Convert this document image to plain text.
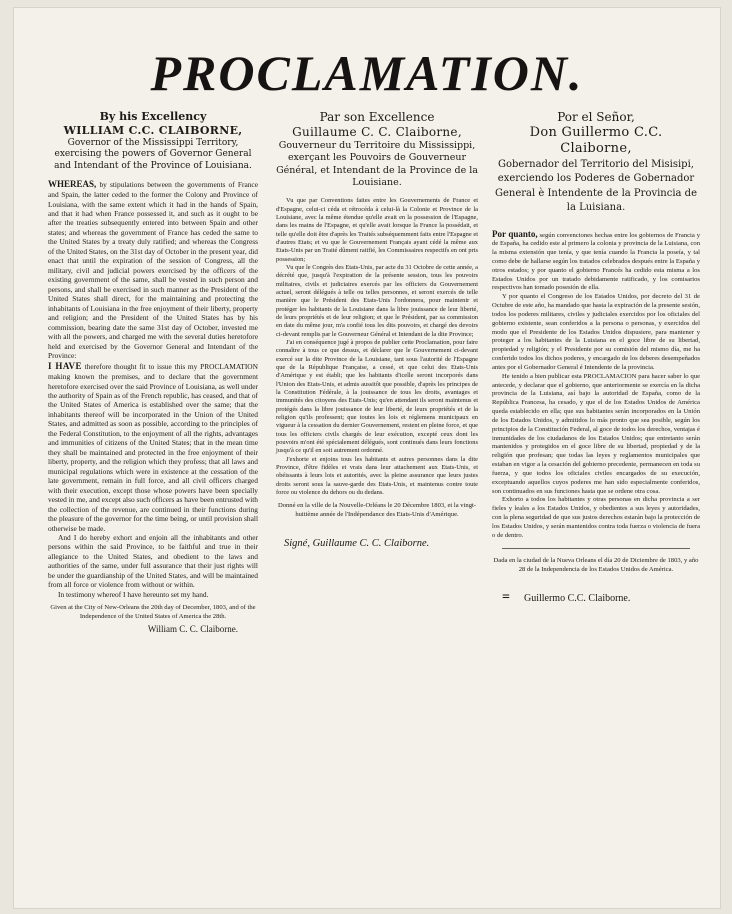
PROCLAMATION.
By his Excellency
WILLIAM C.C. CLAIBORNE,
Governor of the Mississippi Territory, exercising the powers of Governor General and Intendant of the Province of Louisiana.

WHEREAS, by stipulations between the governments of France and Spain, the latter ceded to the former the Colony and Province of Louisiana, with the same extent which it had in the hands of Spain, and that it had when France possessed it, and such as it ought to be after the treaties subsequently entered into between Spain and other states; and whereas the government of France has ceded the same to the United States by a treaty duly ratified; and whereas the Congress of the United States, on the 31st day of October in the present year, did enact that until the expiration of the session of Congress, all the military, civil and judicial powers exercised by the officers of the existing government of the same, shall be vested in such person and persons, and shall be exercised in such manner as the President of the United States shall direct, for the maintaining and protecting the inhabitants of Louisiana in the free enjoyment of their liberty, property and religion; and the President of the United States has by his commission, bearing date the same 31st day of October, invested me with all the powers, and charged me with the several duties heretofore held and exercised by the Governor General and Intendant of the Province:

I HAVE therefore thought fit to issue this my PROCLAMATION making known the premises, and to declare that the government heretofore exercised over the said Province of Louisiana, as well under the authority of Spain as of the French republic, has ceased, and that of the United States of America is established over the same; that the inhabitants thereof will be incorporated in the Union of the United States, and admitted as soon as possible, according to the principles of the Federal Constitution, to the enjoyment of all the rights, advantages and immunities of citizens of the United States; that in the mean time they shall be maintained and protected in the free enjoyment of their liberty, property, and the religion which they profess; that all laws and municipal regulations which were in existence at the cessation of the late government, remain in full force, and all civil officers charged with their execution, except those whose powers have been specially vested in me, and except also such officers as have been entrusted with the collection of the revenue, are continued in their functions during the pleasure of the governor for the time being, or until provision shall otherwise be made.

And I do hereby exhort and enjoin all the inhabitants and other persons within the said Province, to be faithful and true in their allegiance to the United States, and obedient to the laws and authorities of the same, under full assurance that their just rights will be under the guardianship of the United States, and will be maintained from all force or violence from without or within.

In testimony whereof I have hereunto set my hand.

Given at the City of New-Orleans the 20th day of December, 1803, and of the Independence of the United States of America the 28th.
William C. C. Claiborne.
Par son Excellence
Guillaume C. C. Claiborne,
Gouverneur du Territoire du Mississippi, exerçant les Pouvoirs de Gouverneur Général, et Intendant de la Province de la Louisiane.

Vu que par Conventions faites entre les Gouvernements de France et d'Espagne, celui-ci céda et rétrocéda à celui-là la Colonie et Province de la Louisiane, avec la même étendue qu'elle avait en la possession de l'Espagne, dans les mains de l'Espagne, et qu'elle avait lorsque la France la possédait, et telle qu'elle doit être d'après les Traités subséquemment faits entre l'Espagne et d'autres Etats; et vu que le Gouvernement Français ayant cédé la même aux Etats-Unis par un Traité dûment ratifié, les Commissaires respectifs en ont pris possession;

Vu que le Congrès des Etats-Unis, par acte du 31 Octobre de cette année, a décrété que, jusqu'à l'expiration de la présente session, tous les pouvoirs militaires, civils et judiciaires exercés par les officiers du Gouvernement actuel, seront délégués à telle ou telles personnes, et seront exercés de telle manière que le Président des Etats-Unis l'ordonnera, pour maintenir et protéger les habitants de la Louisiane dans la libre jouissance de leur liberté, de leurs propriétés et de leur religion; et que le Président, par sa commission en date du même jour, m'a confié tous les dits pouvoirs, et chargé des devoirs ci-devant remplis par le Gouverneur Général et Intendant de la dite Province;

J'ai en conséquence jugé à propos de publier cette Proclamation, pour faire connaître à tous ce que dessus, et déclarer que le Gouvernement ci-devant exercé sur la dite Province de la Louisiane, tant sous l'autorité de l'Espagne que de la République Française, a cessé, et que celui des Etats-Unis d'Amérique y est établi; que les habitants d'icelle seront incorporés dans l'Union des Etats-Unis, et admis aussitôt que possible, d'après les principes de la Constitution Fédérale, à la jouissance de tous les droits, avantages et immunités des citoyens des Etats-Unis; qu'en attendant ils seront maintenus et protégés dans la libre jouissance de leur liberté, de leurs propriétés et de la religion qu'ils professent; que toutes les lois et réglemens municipaux en vigueur à la cessation du dernier Gouvernement, restent en pleine force, et que tous les officiers civils chargés de leur exécution, excepté ceux dont les pouvoirs m'ont été spécialement délégués, sont continués dans leurs fonctions jusqu'à ce qu'il en soit autrement ordonné.

J'exhorte et enjoins tous les habitants et autres personnes dans la dite Province, d'être fidèles et vrais dans leur attachement aux Etats-Unis, et obéissants à leurs lois et autorités, avec la pleine assurance que leurs justes droits seront sous la sauve-garde des Etats-Unis, et maintenus contre toute force ou violence du dehors ou du dedans.

Donné en la ville de la Nouvelle-Orléans le 20 Décembre 1803, et la vingt-huitième année de l'Indépendance des Etats-Unis d'Amérique.
Signé, Guillaume C. C. Claiborne.
Por el Señor,
Don Guillermo C.C. Claiborne,
Gobernador del Territorio del Misisipi, exerciendo los Poderes de Gobernador General è Intendente de la Provincia de la Luisiana.

Por quanto, según convenciones hechas entre los gobiernos de Francia y de España, ha cedido este al primero la colonia y provincia de la Luisiana, con la misma extensión que tenía, y que tenía cuando la Francia la poseía, y tal como debe de hallarse según los tratados celebrados después entre la España y otros estados; y por quanto el gobierno Francés ha cedido esta misma a los Estados Unidos por un tratado debidamente ratificado, y los comisarios respectivos han tomado posesión de ella.

Y por quanto el Congreso de los Estados Unidos, por decreto del 31 de Octubre de este año, ha mandado que hasta la expiración de la presente sesión, todos los poderes militares, civiles y judiciales exercidos por los oficiales del gobierno existente, sean conferidos a la persona o personas, y exercidos del modo que el Presidente de los Estados Unidos dispusiere, para mantener y proteger a los habitantes de la Luisiana en el goce libre de su libertad, propiedad y religión; y el Presidente por su comisión del mismo día, me ha conferido todos los dichos poderes, y encargado de los deberes desempeñados antes por el Gobernador General é Intendente de la provincia.

He tenido a bien publicar esta PROCLAMACION para hacer saber lo que antecede, y declarar que el gobierno, que anteriormente se exercía en la dicha provincia de la Luisiana, así bajo la autoridad de España, como de la República Francesa, ha cesado, y que el de los Estados Unidos de América queda establecido en ella; que sus habitantes serán incorporados en la Unión de los Estados Unidos, y admitidos lo más pronto que sea posible, según los principios de la Constitución Federal, al goce de todos los derechos, ventajas é inmunidades de los ciudadanos de los Estados Unidos; que entretanto serán mantenidos y protegidos en el goce libre de su libertad, propiedad y de la religión que profesan; que todas las leyes y reglamentos municipales que estaban en vigor a la cesación del gobierno precedente, permanecen en toda su fuerza, y que todos los oficiales civiles encargados de su execución, exceptuando aquellos cuyos poderes me han sido especialmente conferidos, son continuados en sus funciones hasta que se ordene otra cosa.

Exhorto a todos los habitantes y otras personas en dicha provincia a ser fieles y leales a los Estados Unidos, y obedientes a sus leyes y autoridades, con la plena seguridad de que sus justos derechos estarán bajo la protección de los Estados Unidos, y serán mantenidos contra toda fuerza o violencia de fuera o de dentro.

Dada en la ciudad de la Nueva Orleans el día 20 de Diciembre de 1803, y año 28 de la Independencia de los Estados Unidos de América.
= Guillermo C.C. Claiborne.
